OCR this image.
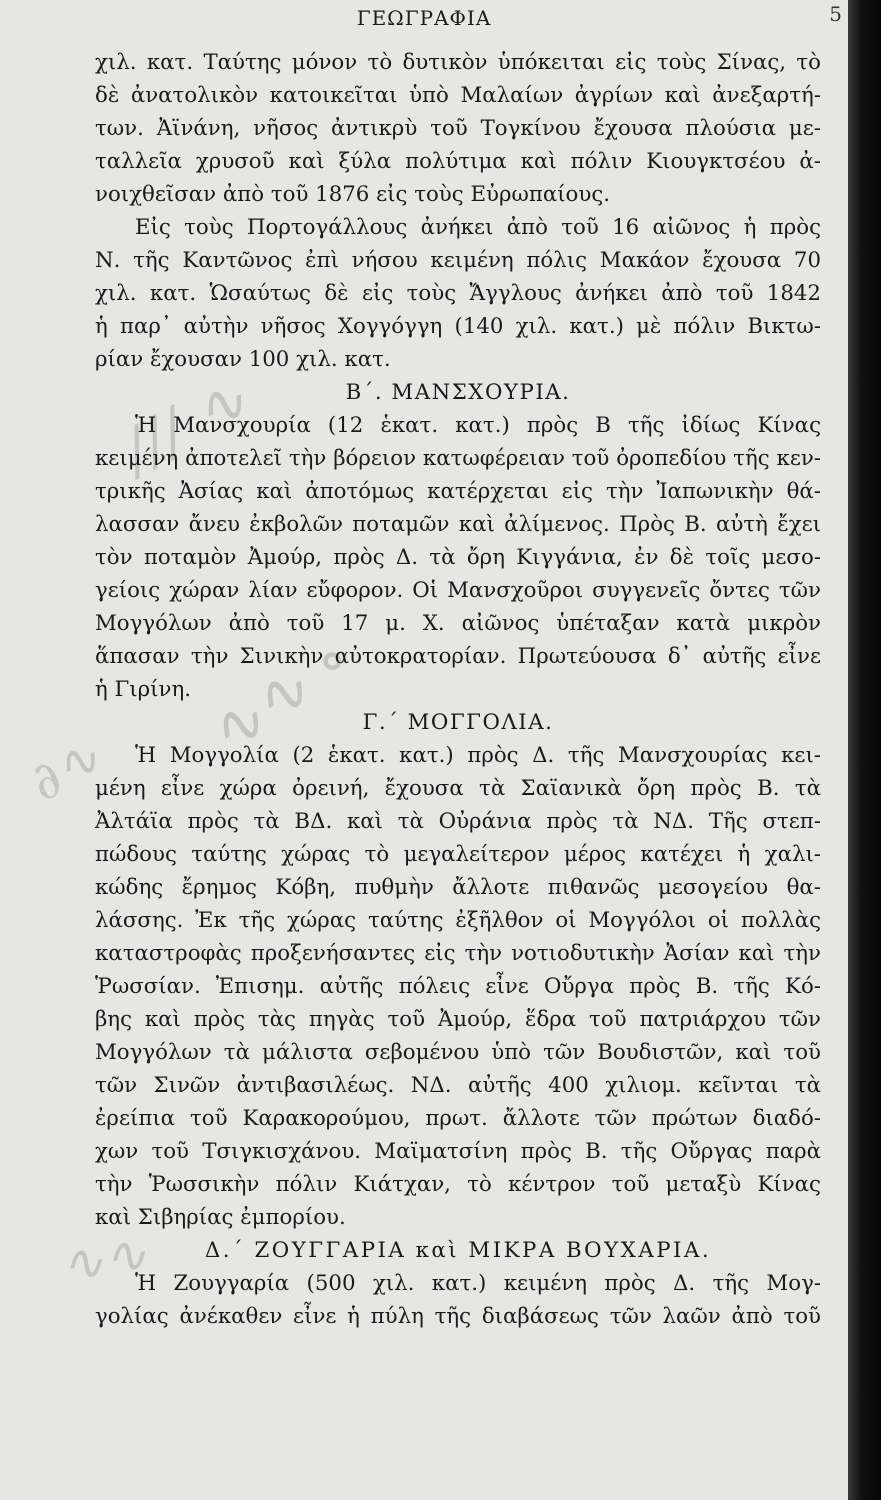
ΓΕΩΓΡΑΦΙΑ	5
∕∕∕ ∿
∿∿ ∘
∂∿
∿∿
χιλ. κατ. Ταύτης μόνον τὸ δυτικὸν ὑπόκειται εἰς τοὺς Σίνας, τὸ
δὲ ἀνατολικὸν κατοικεῖται ὑπὸ Μαλαίων ἀγρίων καὶ ἀνεξαρτή-
των. Ἀϊνάνη, νῆσος ἀντικρὺ τοῦ Τογκίνου ἔχουσα πλούσια με-
ταλλεῖα χρυσοῦ καὶ ξύλα πολύτιμα καὶ πόλιν Κιουγκτσέου ἀ-
νοιχθεῖσαν ἀπὸ τοῦ 1876 εἰς τοὺς Εὐρωπαίους.
Εἰς τοὺς Πορτογάλλους ἀνήκει ἀπὸ τοῦ 16 αἰῶνος ἡ πρὸς
Ν. τῆς Καντῶνος ἐπὶ νήσου κειμένη πόλις Μακάον ἔχουσα 70
χιλ. κατ. Ὡσαύτως δὲ εἰς τοὺς Ἄγγλους ἀνήκει ἀπὸ τοῦ 1842
ἡ παρ᾽ αὐτὴν νῆσος Χογγόγγη (140 χιλ. κατ.) μὲ πόλιν Βικτω-
ρίαν ἔχουσαν 100 χιλ. κατ.
Β΄. ΜΑΝΣΧΟΥΡΙΑ.
Ἡ Μανσχουρία (12 ἑκατ. κατ.) πρὸς Β τῆς ἰδίως Κίνας
κειμένη ἀποτελεῖ τὴν βόρειον κατωφέρειαν τοῦ ὀροπεδίου τῆς κεν-
τρικῆς Ἀσίας καὶ ἀποτόμως κατέρχεται εἰς τὴν Ἰαπωνικὴν θά-
λασσαν ἄνευ ἐκβολῶν ποταμῶν καὶ ἀλίμενος. Πρὸς Β. αὐτὴ ἔχει
τὸν ποταμὸν Ἀμούρ, πρὸς Δ. τὰ ὄρη Κιγγάνια, ἐν δὲ τοῖς μεσο-
γείοις χώραν λίαν εὔφορον. Οἱ Μανσχοῦροι συγγενεῖς ὄντες τῶν
Μογγόλων ἀπὸ τοῦ 17 μ. Χ. αἰῶνος ὑπέταξαν κατὰ μικρὸν
ἅπασαν τὴν Σινικὴν αὐτοκρατορίαν. Πρωτεύουσα δ᾽ αὐτῆς εἶνε
ἡ Γιρίνη.
Γ.΄ ΜΟΓΓΟΛΙΑ.
Ἡ Μογγολία (2 ἑκατ. κατ.) πρὸς Δ. τῆς Μανσχουρίας κει-
μένη εἶνε χώρα ὀρεινή, ἔχουσα τὰ Σαϊανικὰ ὄρη πρὸς Β. τὰ
Ἀλτάϊα πρὸς τὰ ΒΔ. καὶ τὰ Οὐράνια πρὸς τὰ ΝΔ. Τῆς στεπ-
πώδους ταύτης χώρας τὸ μεγαλείτερον μέρος κατέχει ἡ χαλι-
κώδης ἔρημος Κόβη, πυθμὴν ἄλλοτε πιθανῶς μεσογείου θα-
λάσσης. Ἐκ τῆς χώρας ταύτης ἐξῆλθον οἱ Μογγόλοι οἱ πολλὰς
καταστροφὰς προξενήσαντες εἰς τὴν νοτιοδυτικὴν Ἀσίαν καὶ τὴν
Ῥωσσίαν. Ἐπισημ. αὐτῆς πόλεις εἶνε Οὔργα πρὸς Β. τῆς Κό-
βης καὶ πρὸς τὰς πηγὰς τοῦ Ἀμούρ, ἕδρα τοῦ πατριάρχου τῶν
Μογγόλων τὰ μάλιστα σεβομένου ὑπὸ τῶν Βουδιστῶν, καὶ τοῦ
τῶν Σινῶν ἀντιβασιλέως. ΝΔ. αὐτῆς 400 χιλιομ. κεῖνται τὰ
ἐρείπια τοῦ Καρακορούμου, πρωτ. ἄλλοτε τῶν πρώτων διαδό-
χων τοῦ Τσιγκισχάνου. Μαϊματσίνη πρὸς Β. τῆς Οὔργας παρὰ
τὴν Ῥωσσικὴν πόλιν Κιάτχαν, τὸ κέντρον τοῦ μεταξὺ Κίνας
καὶ Σιβηρίας ἐμπορίου.
Δ.΄ ΖΟΥΓΓΑΡΙΑ καὶ ΜΙΚΡΑ ΒΟΥΧΑΡΙΑ.
Ἡ Ζουγγαρία (500 χιλ. κατ.) κειμένη πρὸς Δ. τῆς Μογ-
γολίας ἀνέκαθεν εἶνε ἡ πύλη τῆς διαβάσεως τῶν λαῶν ἀπὸ τοῦ
